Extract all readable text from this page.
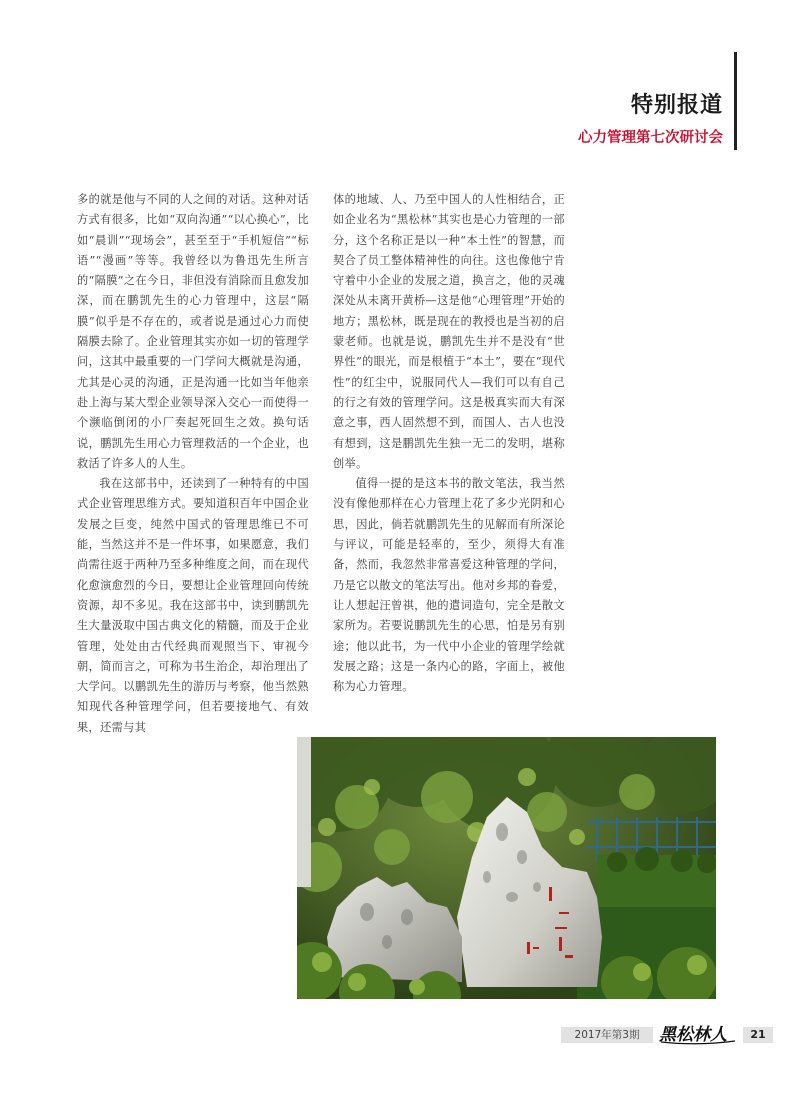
特别报道
心力管理第七次研讨会

多的就是他与不同的人之间的对话。这种对话方式有很多，比如“双向沟通”“以心换心”，比如“晨训”“现场会”，甚至至于“手机短信”“标语”“漫画”等等。我曾经以为鲁迅先生所言的“隔膜”之在今日，非但没有消除而且愈发加深，而在鹏凯先生的心力管理中，这层“隔膜”似乎是不存在的，或者说是通过心力而使隔膜去除了。企业管理其实亦如一切的管理学问，这其中最重要的一门学问大概就是沟通，尤其是心灵的沟通，正是沟通一比如当年他亲赴上海与某大型企业领导深入交心一而使得一个濒临倒闭的小厂奏起死回生之效。换句话说，鹏凯先生用心力管理救活的一个企业，也救活了许多人的人生。

我在这部书中，还读到了一种特有的中国式企业管理思维方式。要知道积百年中国企业发展之巨变，纯然中国式的管理思维已不可能，当然这并不是一件坏事，如果愿意，我们尚需往返于两种乃至多种维度之间，而在现代化愈演愈烈的今日，要想让企业管理回向传统资源，却不多见。我在这部书中，读到鹏凯先生大量汲取中国古典文化的精髓，而及于企业管理，处处由古代经典而观照当下、审视今朝，简而言之，可称为书生治企，却治理出了大学问。以鹏凯先生的游历与考察，他当然熟知现代各种管理学问，但若要接地气、有效果，还需与其

体的地域、人、乃至中国人的人性相结合，正如企业名为“黑松林”其实也是心力管理的一部分，这个名称正是以一种“本土性”的智慧，而契合了员工整体精神性的向往。这也像他宁肯守着中小企业的发展之道，换言之，他的灵魂深处从未离开黄桥—这是他“心理管理”开始的地方；黑松林，既是现在的教授也是当初的启蒙老师。也就是说，鹏凯先生并不是没有“世界性”的眼光，而是根植于“本土”，要在“现代性”的红尘中，说服同代人—我们可以有自己的行之有效的管理学问。这是极真实而大有深意之事，西人固然想不到，而国人、古人也没有想到，这是鹏凯先生独一无二的发明，堪称创举。

值得一提的是这本书的散文笔法，我当然没有像他那样在心力管理上花了多少光阴和心思，因此，倘若就鹏凯先生的见解而有所深论与评议，可能是轻率的，至少，须得大有准备，然而，我忽然非常喜爱这种管理的学问，乃是它以散文的笔法写出。他对乡邦的眷爱，让人想起汪曾祺，他的遣词造句，完全是散文家所为。若要说鹏凯先生的心思，怕是另有别途；他以此书，为一代中小企业的管理学绘就发展之路；这是一条内心的路，字面上，被他称为心力管理。

2017年第3期	黑松林人	21
